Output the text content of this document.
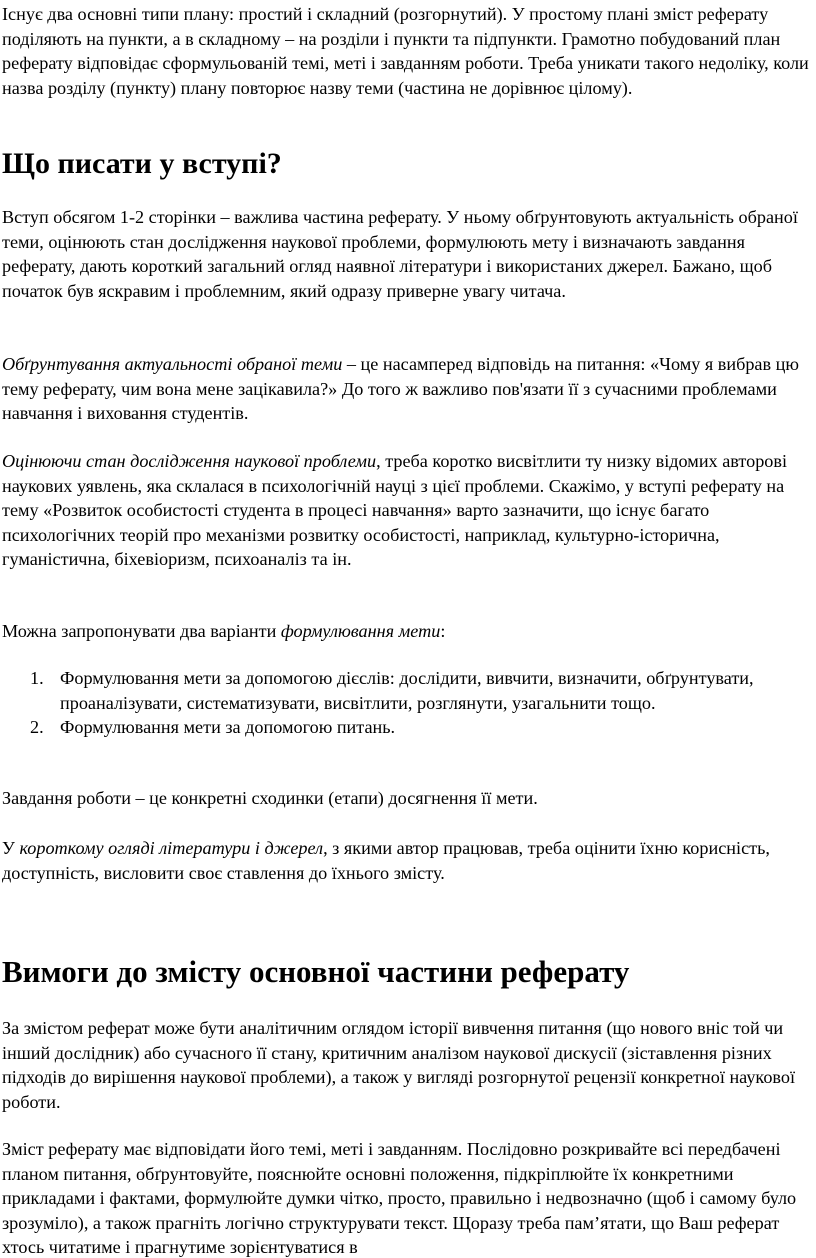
Існує два основні типи плану: простий і складний (розгорнутий). У простому плані зміст реферату поділяють на пункти, а в складному – на розділи і пункти та підпункти. Грамотно побудований план реферату відповідає сформульованій темі, меті і завданням роботи. Треба уникати такого недоліку, коли назва розділу (пункту) плану повторює назву теми (частина не дорівнює цілому).

Що писати у вступі?

Вступ обсягом 1-2 сторінки – важлива частина реферату. У ньому обґрунтовують актуальність обраної теми, оцінюють стан дослідження наукової проблеми, формулюють мету і визначають завдання реферату, дають короткий загальний огляд наявної літератури і використаних джерел. Бажано, щоб початок був яскравим і проблемним, який одразу приверне увагу читача.

Обґрунтування актуальності обраної теми – це насамперед відповідь на питання: «Чому я вибрав цю тему реферату, чим вона мене зацікавила?» До того ж важливо пов'язати її з сучасними проблемами навчання і виховання студентів.

Оцінюючи стан дослідження наукової проблеми, треба коротко висвітлити ту низку відомих авторові наукових уявлень, яка склалася в психологічній науці з цієї проблеми. Скажімо, у вступі реферату на тему «Розвиток особистості студента в процесі навчання» варто зазначити, що існує багато психологічних теорій про механізми розвитку особистості, наприклад, культурно-історична, гуманістична, біхевіоризм, психоаналіз та ін.

Можна запропонувати два варіанти формулювання мети:

1. Формулювання мети за допомогою дієслів: дослідити, вивчити, визначити, обґрунтувати, проаналізувати, систематизувати, висвітлити, розглянути, узагальнити тощо.
2. Формулювання мети за допомогою питань.

Завдання роботи – це конкретні сходинки (етапи) досягнення її мети.

У короткому огляді літератури і джерел, з якими автор працював, треба оцінити їхню корисність, доступність, висловити своє ставлення до їхнього змісту.

Вимоги до змісту основної частини реферату

За змістом реферат може бути аналітичним оглядом історії вивчення питання (що нового вніс той чи інший дослідник) або сучасного її стану, критичним аналізом наукової дискусії (зіставлення різних підходів до вирішення наукової проблеми), а також у вигляді розгорнутої рецензії конкретної наукової роботи.

Зміст реферату має відповідати його темі, меті і завданням. Послідовно розкривайте всі передбачені планом питання, обґрунтовуйте, пояснюйте основні положення, підкріплюйте їх конкретними прикладами і фактами, формулюйте думки чітко, просто, правильно і недвозначно (щоб і самому було зрозуміло), а також прагніть логічно структурувати текст. Щоразу треба пам’ятати, що Ваш реферат хтось читатиме і прагнутиме зорієнтуватися в
